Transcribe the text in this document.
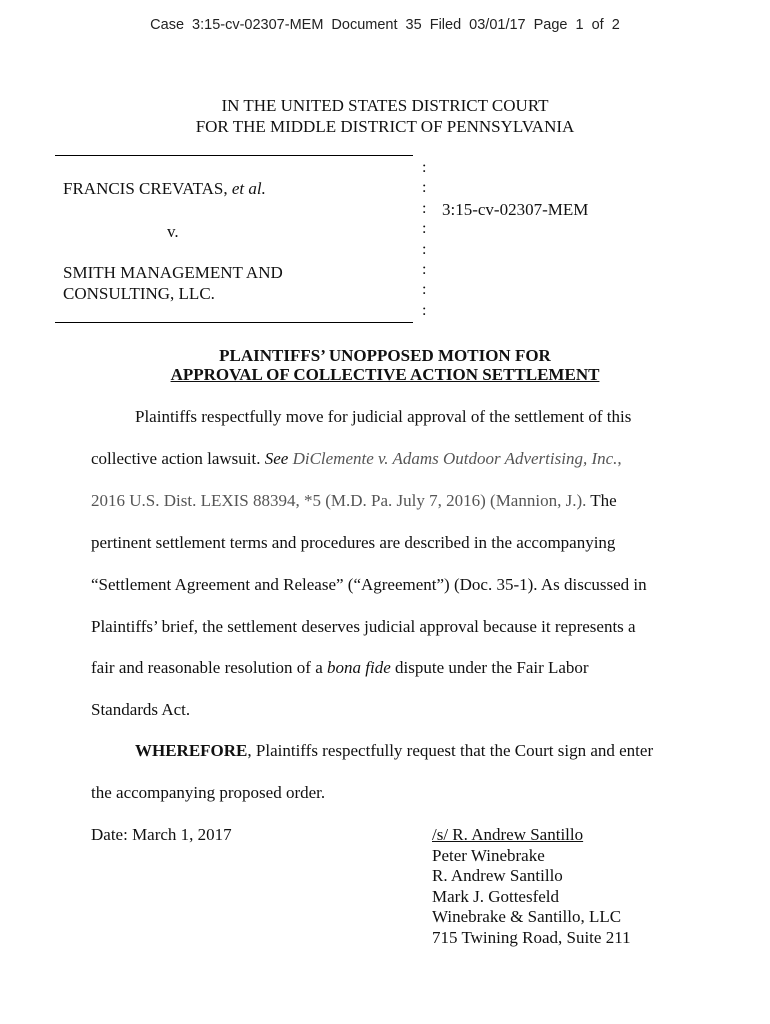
Case 3:15-cv-02307-MEM Document 35 Filed 03/01/17 Page 1 of 2
IN THE UNITED STATES DISTRICT COURT
FOR THE MIDDLE DISTRICT OF PENNSYLVANIA
:
:
:
:
:
:
:
:
FRANCIS CREVATAS, et al.
v.
SMITH MANAGEMENT AND
CONSULTING, LLC.
3:15-cv-02307-MEM
PLAINTIFFS’ UNOPPOSED MOTION FOR
APPROVAL OF COLLECTIVE ACTION SETTLEMENT
Plaintiffs respectfully move for judicial approval of the settlement of this
collective action lawsuit. See DiClemente v. Adams Outdoor Advertising, Inc.,
2016 U.S. Dist. LEXIS 88394, *5 (M.D. Pa. July 7, 2016) (Mannion, J.). The
pertinent settlement terms and procedures are described in the accompanying
“Settlement Agreement and Release” (“Agreement”) (Doc. 35-1). As discussed in
Plaintiffs’ brief, the settlement deserves judicial approval because it represents a
fair and reasonable resolution of a bona fide dispute under the Fair Labor
Standards Act.
WHEREFORE, Plaintiffs respectfully request that the Court sign and enter
the accompanying proposed order.
Date: March 1, 2017	/s/ R. Andrew Santillo
Peter Winebrake
R. Andrew Santillo
Mark J. Gottesfeld
Winebrake & Santillo, LLC
715 Twining Road, Suite 211
